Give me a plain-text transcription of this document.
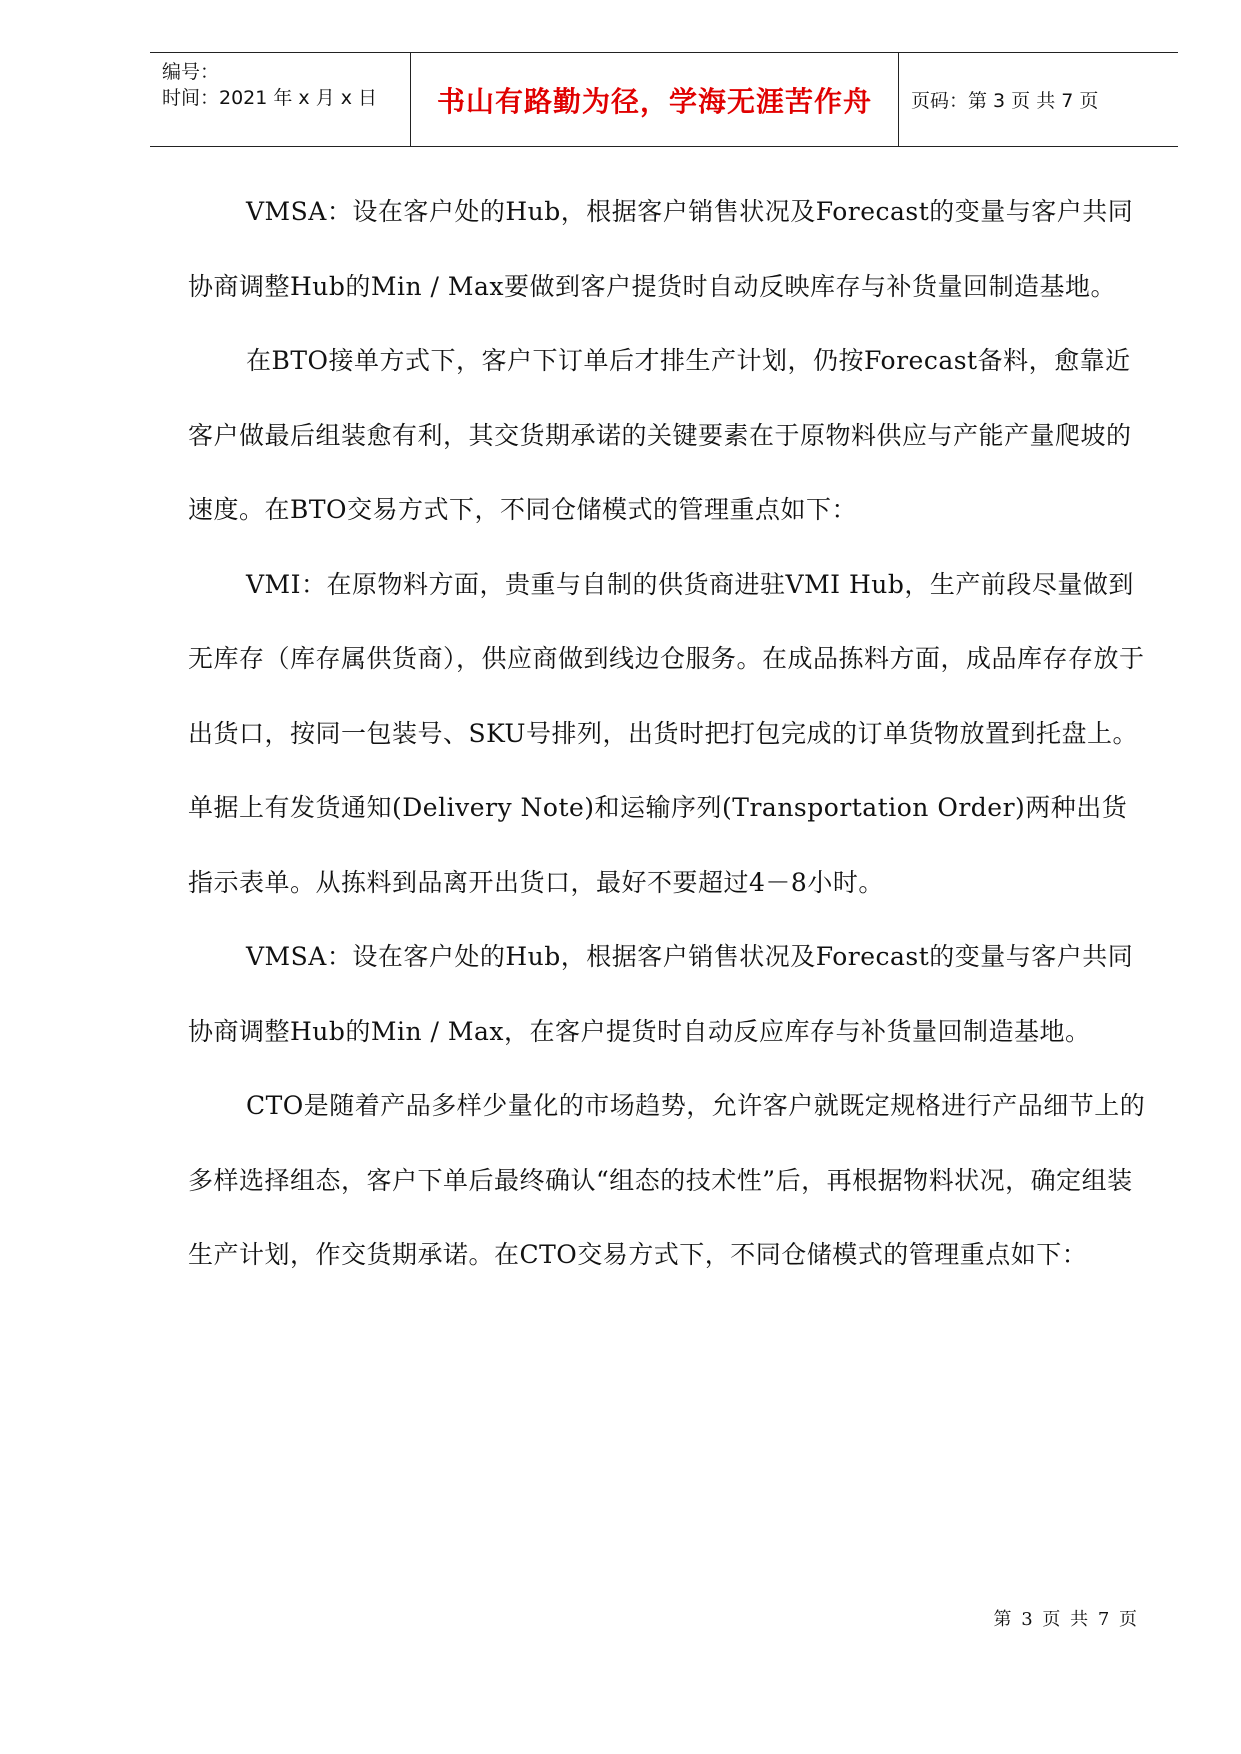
编号：
时间：2021 年 x 月 x 日	书山有路勤为径，学海无涯苦作舟	页码：第 3 页 共 7 页

VMSA：设在客户处的Hub，根据客户销售状况及Forecast的变量与客户共同协商调整Hub的Min / Max要做到客户提货时自动反映库存与补货量回制造基地。

在BTO接单方式下，客户下订单后才排生产计划，仍按Forecast备料，愈靠近客户做最后组装愈有利，其交货期承诺的关键要素在于原物料供应与产能产量爬坡的速度。在BTO交易方式下，不同仓储模式的管理重点如下：

VMI：在原物料方面，贵重与自制的供货商进驻VMI Hub，生产前段尽量做到无库存（库存属供货商），供应商做到线边仓服务。在成品拣料方面，成品库存存放于出货口，按同一包装号、SKU号排列，出货时把打包完成的订单货物放置到托盘上。单据上有发货通知(Delivery Note)和运输序列(Transportation Order)两种出货指示表单。从拣料到品离开出货口，最好不要超过4－8小时。

VMSA：设在客户处的Hub，根据客户销售状况及Forecast的变量与客户共同协商调整Hub的Min / Max，在客户提货时自动反应库存与补货量回制造基地。

CTO是随着产品多样少量化的市场趋势，允许客户就既定规格进行产品细节上的多样选择组态，客户下单后最终确认“组态的技术性”后，再根据物料状况，确定组装生产计划，作交货期承诺。在CTO交易方式下，不同仓储模式的管理重点如下：

第 3 页 共 7 页
